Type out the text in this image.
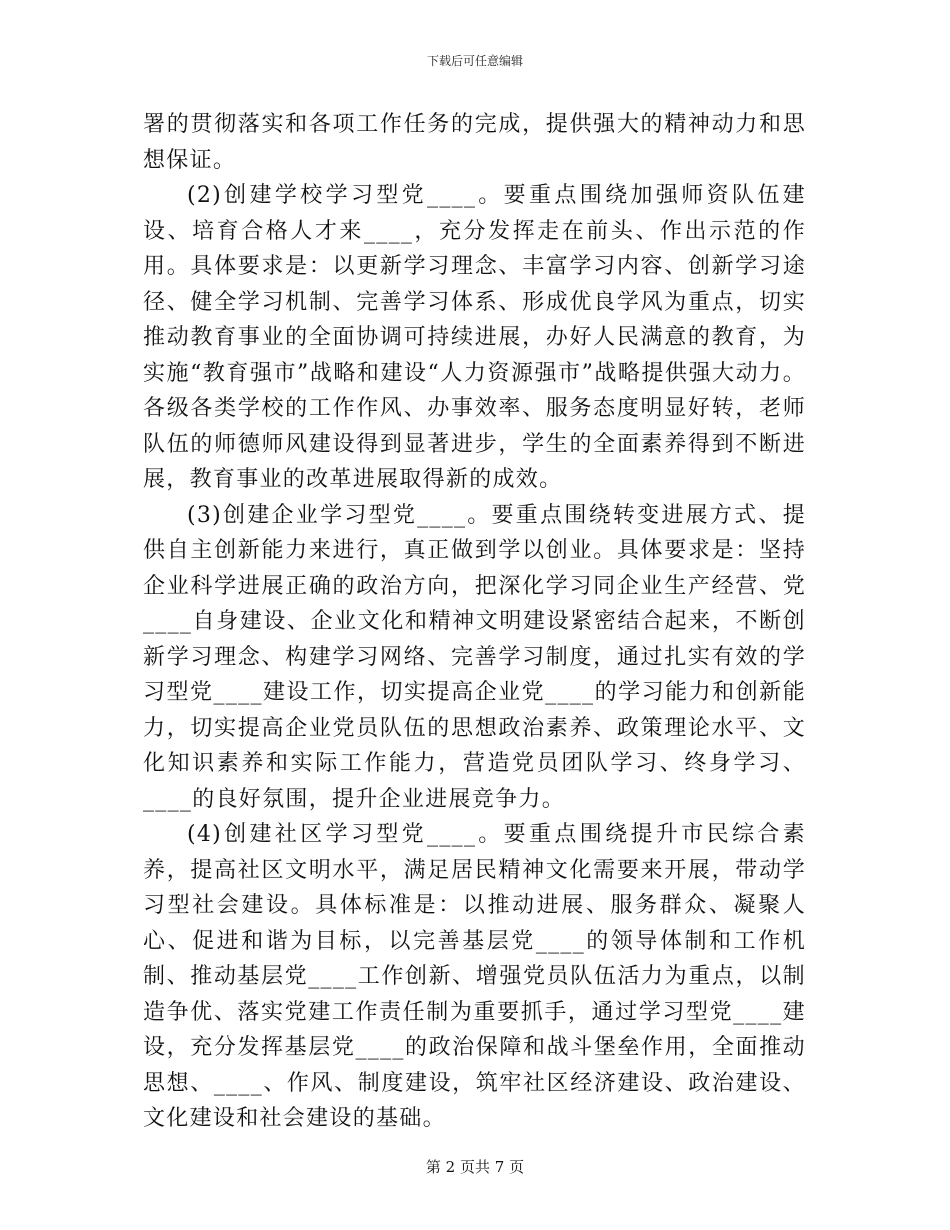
下载后可任意编辑

署的贯彻落实和各项工作任务的完成，提供强大的精神动力和思想保证。

(2)创建学校学习型党____。要重点围绕加强师资队伍建设、培育合格人才来____，充分发挥走在前头、作出示范的作用。具体要求是：以更新学习理念、丰富学习内容、创新学习途径、健全学习机制、完善学习体系、形成优良学风为重点，切实推动教育事业的全面协调可持续进展，办好人民满意的教育，为实施“教育强市”战略和建设“人力资源强市”战略提供强大动力。各级各类学校的工作作风、办事效率、服务态度明显好转，老师队伍的师德师风建设得到显著进步，学生的全面素养得到不断进展，教育事业的改革进展取得新的成效。

(3)创建企业学习型党____。要重点围绕转变进展方式、提供自主创新能力来进行，真正做到学以创业。具体要求是：坚持企业科学进展正确的政治方向，把深化学习同企业生产经营、党____自身建设、企业文化和精神文明建设紧密结合起来，不断创新学习理念、构建学习网络、完善学习制度，通过扎实有效的学习型党____建设工作，切实提高企业党____的学习能力和创新能力，切实提高企业党员队伍的思想政治素养、政策理论水平、文化知识素养和实际工作能力，营造党员团队学习、终身学习、____的良好氛围，提升企业进展竞争力。

(4)创建社区学习型党____。要重点围绕提升市民综合素养，提高社区文明水平，满足居民精神文化需要来开展，带动学习型社会建设。具体标准是：以推动进展、服务群众、凝聚人心、促进和谐为目标，以完善基层党____的领导体制和工作机制、推动基层党____工作创新、增强党员队伍活力为重点，以制造争优、落实党建工作责任制为重要抓手，通过学习型党____建设，充分发挥基层党____的政治保障和战斗堡垒作用，全面推动思想、____、作风、制度建设，筑牢社区经济建设、政治建设、文化建设和社会建设的基础。

第 2 页共 7 页
